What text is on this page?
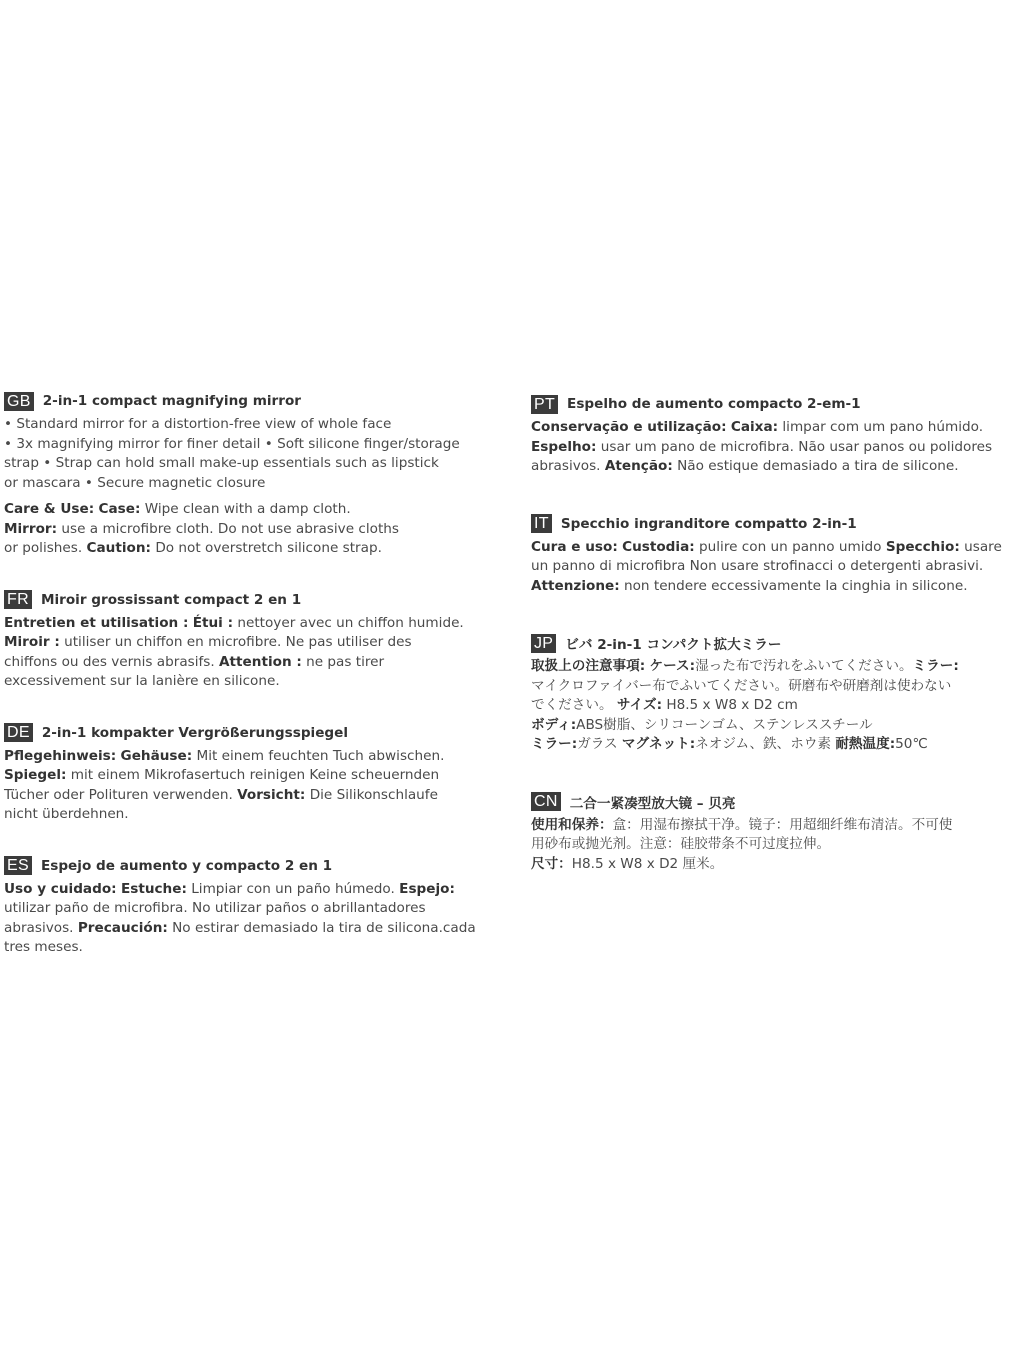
GB 2-in-1 compact magnifying mirror

• Standard mirror for a distortion-free view of whole face
• 3x magnifying mirror for finer detail • Soft silicone finger/storage
strap • Strap can hold small make-up essentials such as lipstick
or mascara • Secure magnetic closure

Care & Use: Case: Wipe clean with a damp cloth.
Mirror: use a microfibre cloth. Do not use abrasive cloths
or polishes. Caution: Do not overstretch silicone strap.

FR Miroir grossissant compact 2 en 1

Entretien et utilisation : Étui : nettoyer avec un chiffon humide.
Miroir : utiliser un chiffon en microfibre. Ne pas utiliser des
chiffons ou des vernis abrasifs. Attention : ne pas tirer
excessivement sur la lanière en silicone.

DE 2-in-1 kompakter Vergrößerungsspiegel

Pflegehinweis: Gehäuse: Mit einem feuchten Tuch abwischen.
Spiegel: mit einem Mikrofasertuch reinigen Keine scheuernden
Tücher oder Polituren verwenden. Vorsicht: Die Silikonschlaufe
nicht überdehnen.

ES Espejo de aumento y compacto 2 en 1

Uso y cuidado: Estuche: Limpiar con un paño húmedo. Espejo:
utilizar paño de microfibra. No utilizar paños o abrillantadores
abrasivos. Precaución: No estirar demasiado la tira de silicona.cada
tres meses.

PT Espelho de aumento compacto 2-em-1

Conservação e utilização: Caixa: limpar com um pano húmido.
Espelho: usar um pano de microfibra. Não usar panos ou polidores
abrasivos. Atenção: Não estique demasiado a tira de silicone.

IT Specchio ingranditore compatto 2-in-1

Cura e uso: Custodia: pulire con un panno umido Specchio: usare
un panno di microfibra Non usare strofinacci o detergenti abrasivi.
Attenzione: non tendere eccessivamente la cinghia in silicone.

JP ビバ 2-in-1 コンパクト拡大ミラー

取扱上の注意事項: ケース:湿った布で汚れをふいてください。ミラー:
マイクロファイバー布でふいてください。研磨布や研磨剤は使わない
でください。 サイズ: H8.5 x W8 x D2 cm
ボディ:ABS樹脂、シリコーンゴム、ステンレススチール
ミラー:ガラス マグネット:ネオジム、鉄、ホウ素 耐熱温度:50℃

CN 二合一紧凑型放大镜 – 贝亮

使用和保养：盒：用湿布擦拭干净。镜子：用超细纤维布清洁。不可使
用砂布或抛光剂。注意：硅胶带条不可过度拉伸。
尺寸：H8.5 x W8 x D2 厘米。
